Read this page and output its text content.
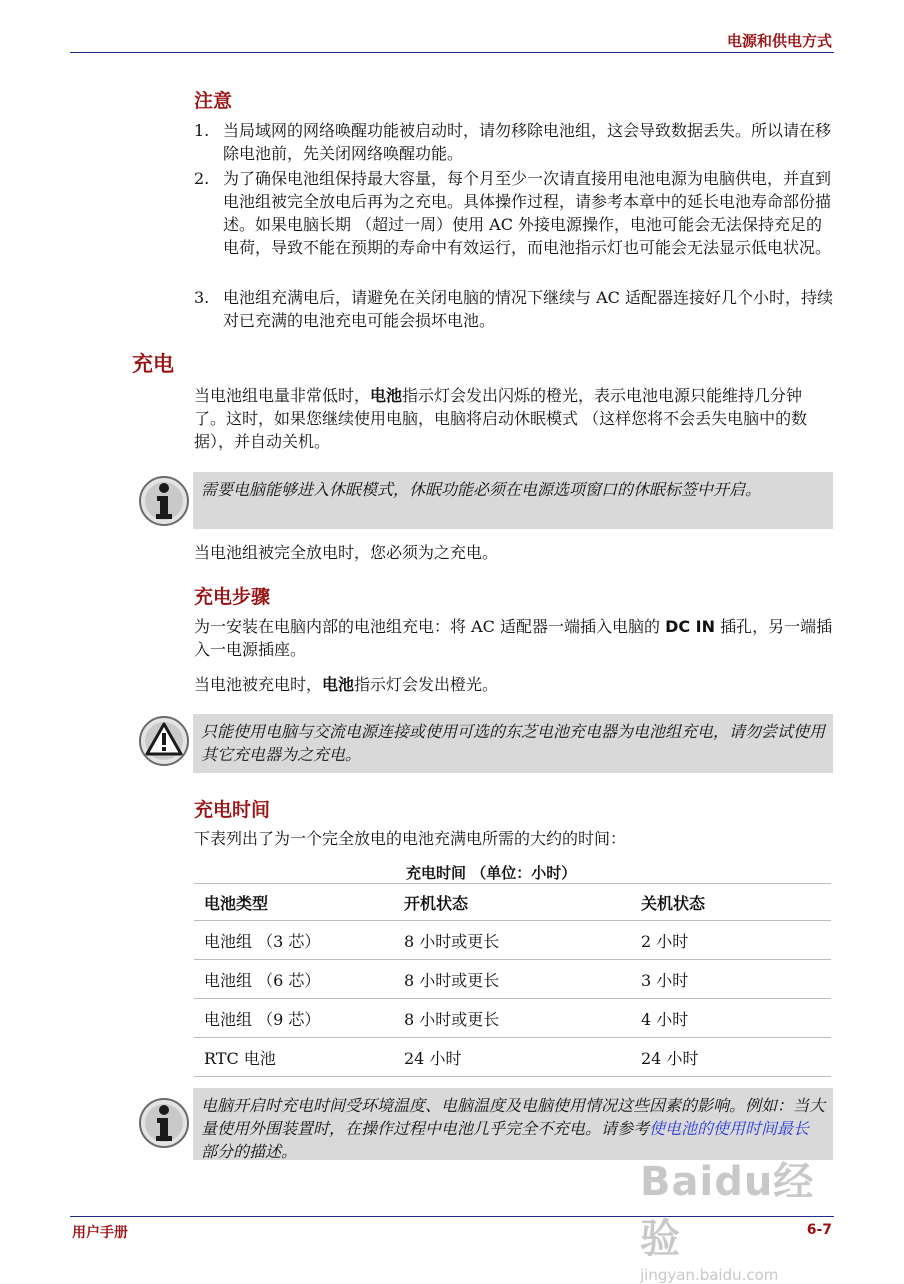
电源和供电方式
注意
1. 当局域网的网络唤醒功能被启动时，请勿移除电池组，这会导致数据丢失。所以请在移除电池前，先关闭网络唤醒功能。
2. 为了确保电池组保持最大容量，每个月至少一次请直接用电池电源为电脑供电，并直到电池组被完全放电后再为之充电。具体操作过程，请参考本章中的延长电池寿命部份描述。如果电脑长期 （超过一周）使用 AC 外接电源操作，电池可能会无法保持充足的电荷，导致不能在预期的寿命中有效运行，而电池指示灯也可能会无法显示低电状况。
3. 电池组充满电后，请避免在关闭电脑的情况下继续与 AC 适配器连接好几个小时，持续对已充满的电池充电可能会损坏电池。
充电
当电池组电量非常低时，电池指示灯会发出闪烁的橙光，表示电池电源只能维持几分钟了。这时，如果您继续使用电脑，电脑将启动休眠模式 （这样您将不会丢失电脑中的数据），并自动关机。
需要电脑能够进入休眠模式，休眠功能必须在电源选项窗口的休眠标签中开启。
当电池组被完全放电时，您必须为之充电。
充电步骤
为一安装在电脑内部的电池组充电：将 AC 适配器一端插入电脑的 DC IN 插孔，另一端插入一电源插座。
当电池被充电时，电池指示灯会发出橙光。
只能使用电脑与交流电源连接或使用可选的东芝电池充电器为电池组充电，请勿尝试使用其它充电器为之充电。
充电时间
下表列出了为一个完全放电的电池充满电所需的大约的时间：
充电时间 （单位：小时）
电池类型	开机状态	关机状态
电池组 （3 芯）	8 小时或更长	2 小时
电池组 （6 芯）	8 小时或更长	3 小时
电池组 （9 芯）	8 小时或更长	4 小时
RTC 电池	24 小时	24 小时
电脑开启时充电时间受环境温度、电脑温度及电脑使用情况这些因素的影响。例如：当大量使用外围装置时，在操作过程中电池几乎完全不充电。请参考使电池的使用时间最长部分的描述。
用户手册	6-7
Baidu经验
jingyan.baidu.com
